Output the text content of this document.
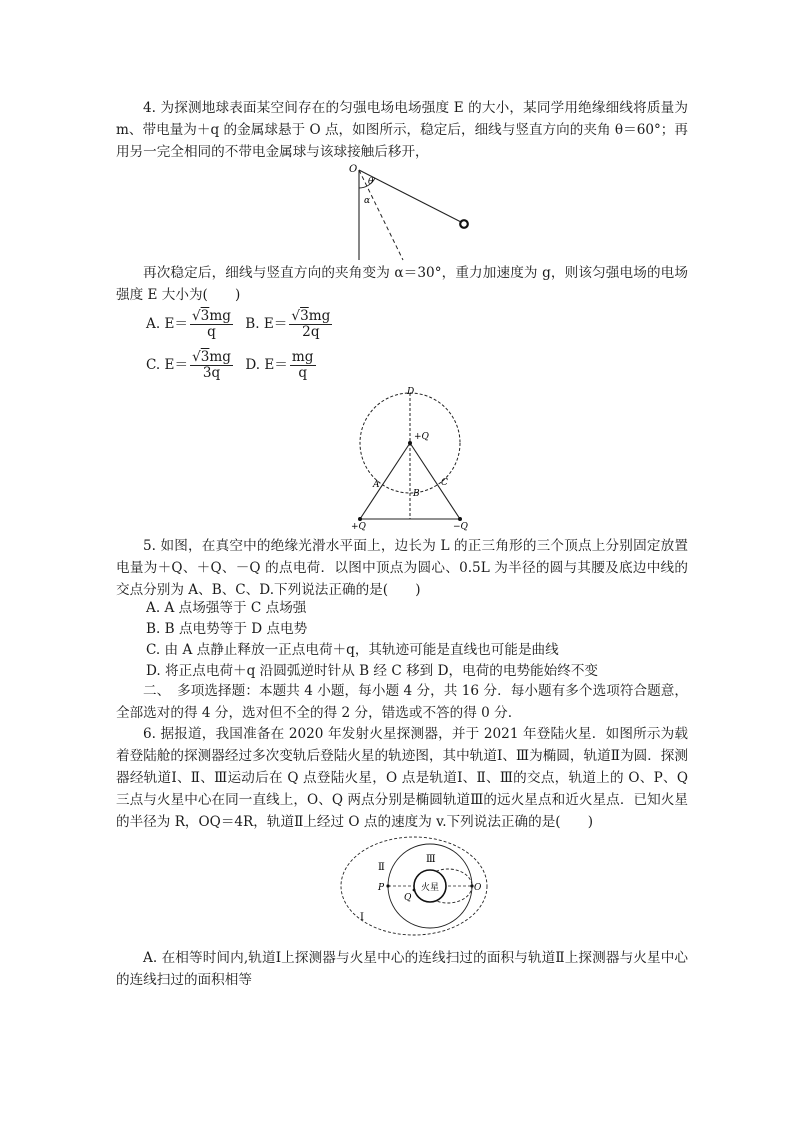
4. 为探测地球表面某空间存在的匀强电场电场强度 E 的大小，某同学用绝缘细线将质量为 m、带电量为＋q 的金属球悬于 O 点，如图所示，稳定后，细线与竖直方向的夹角 θ＝60°；再用另一完全相同的不带电金属球与该球接触后移开，

O
θ
α

再次稳定后，细线与竖直方向的夹角变为 α＝30°，重力加速度为 g，则该匀强电场的电场强度 E 大小为(　　)

A. $E= \frac{√3mg}{q} B$. $E= \frac{√3mg}{2q}$
C. $E= \frac{√3mg}{3q} D$. $E= \frac{mg}{q}$
D
+Q
A
B
C
+Q	−Q

5. 如图，在真空中的绝缘光滑水平面上，边长为 L 的正三角形的三个顶点上分别固定放置电量为＋Q、＋Q、－Q 的点电荷．以图中顶点为圆心、0.5L 为半径的圆与其腰及底边中线的交点分别为 A、B、C、D.下列说法正确的是(　　)

A. A 点场强等于 C 点场强
B. B 点电势等于 D 点电势
C. 由 A 点静止释放一正点电荷＋q，其轨迹可能是直线也可能是曲线
D. 将正点电荷＋q 沿圆弧逆时针从 B 经 C 移到 D，电荷的电势能始终不变

二、　多项选择题：本题共 4 小题，每小题 4 分，共 16 分．每小题有多个选项符合题意，全部选对的得 4 分，选对但不全的得 2 分，错选或不答的得 0 分.

6. 据报道，我国准备在 2020 年发射火星探测器，并于 2021 年登陆火星．如图所示为载着登陆舱的探测器经过多次变轨后登陆火星的轨迹图，其中轨道Ⅰ、Ⅲ为椭圆，轨道Ⅱ为圆．探测器经轨道Ⅰ、Ⅱ、Ⅲ运动后在 Q 点登陆火星，O 点是轨道Ⅰ、Ⅱ、Ⅲ的交点，轨道上的 O、P、Q 三点与火星中心在同一直线上，O、Q 两点分别是椭圆轨道Ⅲ的远火星点和近火星点．已知火星的半径为 R，OQ＝4R，轨道Ⅱ上经过 O 点的速度为 v.下列说法正确的是(　　)

Ⅱ
Ⅲ
Ⅰ
P
Q
O
火星

A. 在相等时间内,轨道Ⅰ上探测器与火星中心的连线扫过的面积与轨道Ⅱ上探测器与火星中心的连线扫过的面积相等
